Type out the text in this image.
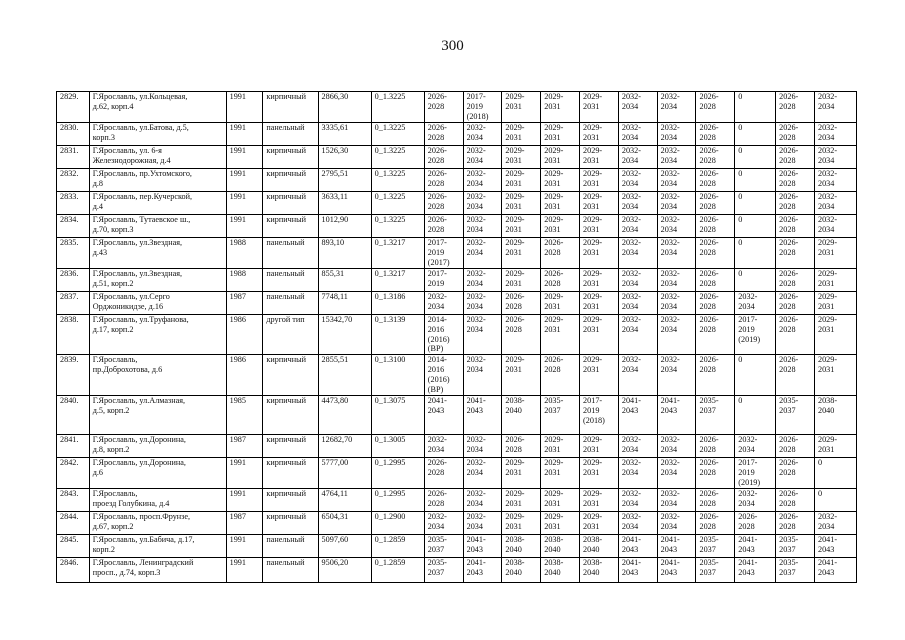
300
2829.	Г.Ярославль, ул.Кольцевая,
д.62, корп.4	1991	кирпичный	2866,30	0_1.3225	2026-
2028	2017-
2019
(2018)	2029-
2031	2029-
2031	2029-
2031	2032-
2034	2032-
2034	2026-
2028	0	2026-
2028	2032-
2034
2830.	Г.Ярославль, ул.Батова, д.5,
корп.3	1991	панельный	3335,61	0_1.3225	2026-
2028	2032-
2034	2029-
2031	2029-
2031	2029-
2031	2032-
2034	2032-
2034	2026-
2028	0	2026-
2028	2032-
2034
2831.	Г.Ярославль, ул. 6-я
Железнодорожная, д.4	1991	кирпичный	1526,30	0_1.3225	2026-
2028	2032-
2034	2029-
2031	2029-
2031	2029-
2031	2032-
2034	2032-
2034	2026-
2028	0	2026-
2028	2032-
2034
2832.	Г.Ярославль, пр.Ухтомского,
д.8	1991	кирпичный	2795,51	0_1.3225	2026-
2028	2032-
2034	2029-
2031	2029-
2031	2029-
2031	2032-
2034	2032-
2034	2026-
2028	0	2026-
2028	2032-
2034
2833.	Г.Ярославль, пер.Кучерской,
д.4	1991	кирпичный	3633,11	0_1.3225	2026-
2028	2032-
2034	2029-
2031	2029-
2031	2029-
2031	2032-
2034	2032-
2034	2026-
2028	0	2026-
2028	2032-
2034
2834.	Г.Ярославль, Тутаевское ш.,
д.70, корп.3	1991	кирпичный	1012,90	0_1.3225	2026-
2028	2032-
2034	2029-
2031	2029-
2031	2029-
2031	2032-
2034	2032-
2034	2026-
2028	0	2026-
2028	2032-
2034
2835.	Г.Ярославль, ул.Звездная,
д.43	1988	панельный	893,10	0_1.3217	2017-
2019
(2017)	2032-
2034	2029-
2031	2026-
2028	2029-
2031	2032-
2034	2032-
2034	2026-
2028	0	2026-
2028	2029-
2031
2836.	Г.Ярославль, ул.Звездная,
д.51, корп.2	1988	панельный	855,31	0_1.3217	2017-
2019	2032-
2034	2029-
2031	2026-
2028	2029-
2031	2032-
2034	2032-
2034	2026-
2028	0	2026-
2028	2029-
2031
2837.	Г.Ярославль, ул.Серго
Орджоникидзе, д.16	1987	панельный	7748,11	0_1.3186	2032-
2034	2032-
2034	2026-
2028	2029-
2031	2029-
2031	2032-
2034	2032-
2034	2026-
2028	2032-
2034	2026-
2028	2029-
2031
2838.	Г.Ярославль, ул.Труфанова,
д.17, корп.2	1986	другой тип	15342,70	0_1.3139	2014-
2016
(2016)
(ВР)	2032-
2034	2026-
2028	2029-
2031	2029-
2031	2032-
2034	2032-
2034	2026-
2028	2017-
2019
(2019)	2026-
2028	2029-
2031
2839.	Г.Ярославль,
пр.Доброхотова, д.6	1986	кирпичный	2855,51	0_1.3100	2014-
2016
(2016)
(ВР)	2032-
2034	2029-
2031	2026-
2028	2029-
2031	2032-
2034	2032-
2034	2026-
2028	0	2026-
2028	2029-
2031
2840.	Г.Ярославль, ул.Алмазная,
д.5, корп.2	1985	кирпичный	4473,80	0_1.3075	2041-
2043	2041-
2043	2038-
2040	2035-
2037	2017-
2019
(2018)	2041-
2043	2041-
2043	2035-
2037	0	2035-
2037	2038-
2040
2841.	Г.Ярославль, ул.Доронина,
д.8, корп.2	1987	кирпичный	12682,70	0_1.3005	2032-
2034	2032-
2034	2026-
2028	2029-
2031	2029-
2031	2032-
2034	2032-
2034	2026-
2028	2032-
2034	2026-
2028	2029-
2031
2842.	Г.Ярославль, ул.Доронина,
д.6	1991	кирпичный	5777,00	0_1.2995	2026-
2028	2032-
2034	2029-
2031	2029-
2031	2029-
2031	2032-
2034	2032-
2034	2026-
2028	2017-
2019
(2019)	2026-
2028	0
2843.	Г.Ярославль,
проезд Голубкина, д.4	1991	кирпичный	4764,11	0_1.2995	2026-
2028	2032-
2034	2029-
2031	2029-
2031	2029-
2031	2032-
2034	2032-
2034	2026-
2028	2032-
2034	2026-
2028	0
2844.	Г.Ярославль, просп.Фрунзе,
д.67, корп.2	1987	кирпичный	6504,31	0_1.2900	2032-
2034	2032-
2034	2029-
2031	2029-
2031	2029-
2031	2032-
2034	2032-
2034	2026-
2028	2026-
2028	2026-
2028	2032-
2034
2845.	Г.Ярославль, ул.Бабича, д.17,
корп.2	1991	панельный	5097,60	0_1.2859	2035-
2037	2041-
2043	2038-
2040	2038-
2040	2038-
2040	2041-
2043	2041-
2043	2035-
2037	2041-
2043	2035-
2037	2041-
2043
2846.	Г.Ярославль, Ленинградский
просп., д.74, корп.3	1991	панельный	9506,20	0_1.2859	2035-
2037	2041-
2043	2038-
2040	2038-
2040	2038-
2040	2041-
2043	2041-
2043	2035-
2037	2041-
2043	2035-
2037	2041-
2043
